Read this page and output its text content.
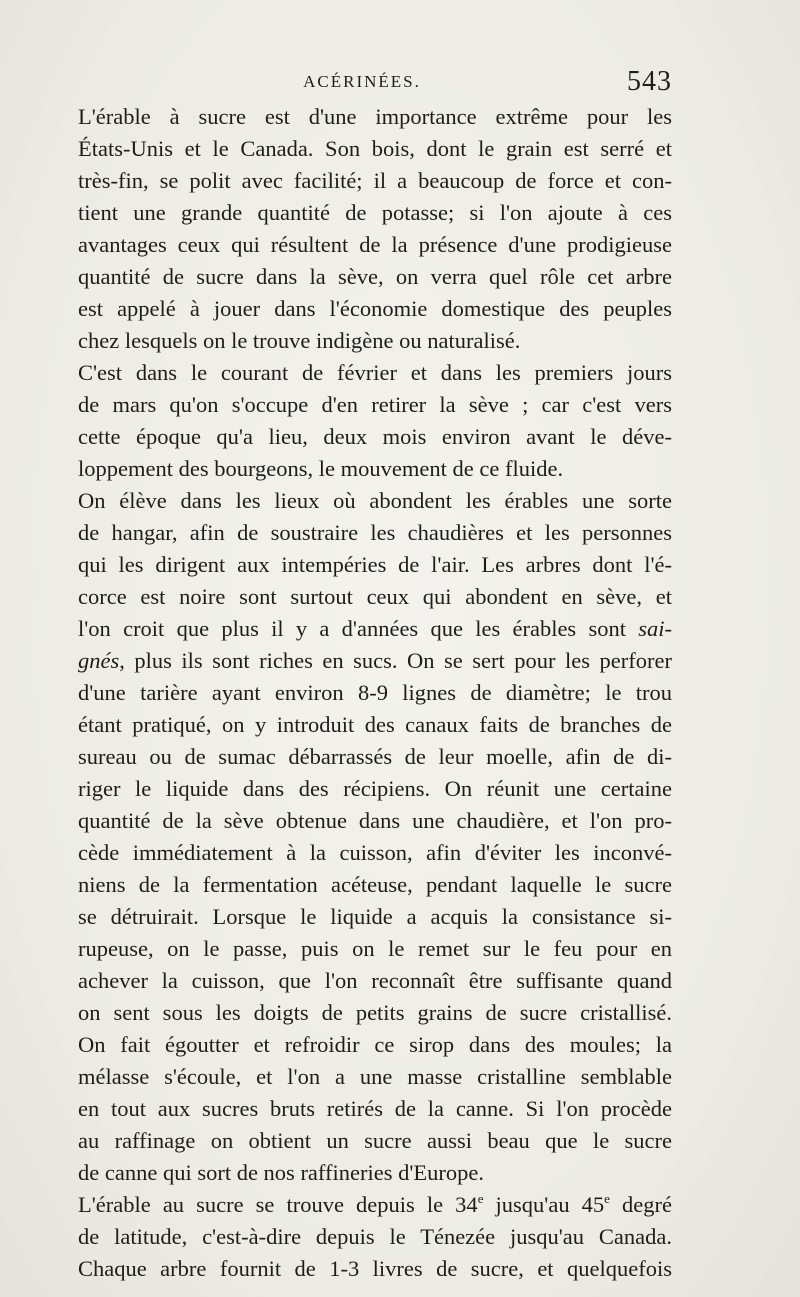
ACÉRINÉES.	543

L'érable à sucre est d'une importance extrême pour les
États-Unis et le Canada. Son bois, dont le grain est serré et
très-fin, se polit avec facilité; il a beaucoup de force et con-
tient une grande quantité de potasse; si l'on ajoute à ces
avantages ceux qui résultent de la présence d'une prodigieuse
quantité de sucre dans la sève, on verra quel rôle cet arbre
est appelé à jouer dans l'économie domestique des peuples
chez lesquels on le trouve indigène ou naturalisé.

C'est dans le courant de février et dans les premiers jours
de mars qu'on s'occupe d'en retirer la sève ; car c'est vers
cette époque qu'a lieu, deux mois environ avant le déve-
loppement des bourgeons, le mouvement de ce fluide.

On élève dans les lieux où abondent les érables une sorte
de hangar, afin de soustraire les chaudières et les personnes
qui les dirigent aux intempéries de l'air. Les arbres dont l'é-
corce est noire sont surtout ceux qui abondent en sève, et
l'on croit que plus il y a d'années que les érables sont sai-
gnés, plus ils sont riches en sucs. On se sert pour les perforer
d'une tarière ayant environ 8-9 lignes de diamètre; le trou
étant pratiqué, on y introduit des canaux faits de branches de
sureau ou de sumac débarrassés de leur moelle, afin de di-
riger le liquide dans des récipiens. On réunit une certaine
quantité de la sève obtenue dans une chaudière, et l'on pro-
cède immédiatement à la cuisson, afin d'éviter les inconvé-
niens de la fermentation acéteuse, pendant laquelle le sucre
se détruirait. Lorsque le liquide a acquis la consistance si-
rupeuse, on le passe, puis on le remet sur le feu pour en
achever la cuisson, que l'on reconnaît être suffisante quand
on sent sous les doigts de petits grains de sucre cristallisé.
On fait égoutter et refroidir ce sirop dans des moules; la
mélasse s'écoule, et l'on a une masse cristalline semblable
en tout aux sucres bruts retirés de la canne. Si l'on procède
au raffinage on obtient un sucre aussi beau que le sucre
de canne qui sort de nos raffineries d'Europe.

L'érable au sucre se trouve depuis le 34e jusqu'au 45e degré
de latitude, c'est-à-dire depuis le Ténezée jusqu'au Canada.
Chaque arbre fournit de 1-3 livres de sucre, et quelquefois
